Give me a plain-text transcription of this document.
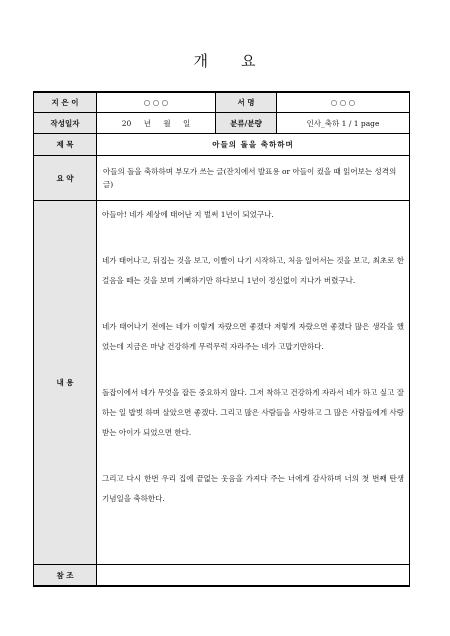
개 요
지 은 이	○ ○ ○	서 명	○ ○ ○
작성일자	20 년 월 일	분류/분량	인사_축하 1 / 1 page
제 목	아들의 돌을 축하하며		
요 약	아들의 돌을 축하하며 부모가 쓰는 글(잔치에서 발표용 or 아들이 컸을 때 읽어보는 성격의 글)		
내 용	아들아! 네가 세상에 태어난 지 벌써 1년이 되었구나.

네가 태어나고, 뒤집는 것을 보고, 이빨이 나기 시작하고, 처음 일어서는 것을 보고, 최초로 한 걸음을 떼는 것을 보며 기뻐하기만 하다보니 1년이 정신없이 지나가 버렸구나.

네가 태어나기 전에는 네가 이렇게 자랐으면 좋겠다 저렇게 자랐으면 좋겠다 많은 생각을 했었는데 지금은 마냥 건강하게 무럭무럭 자라주는 네가 고맙기만하다.

돌잡이에서 네가 무엇을 잡든 중요하지 않다. 그저 착하고 건강하게 자라서 네가 하고 싶고 잘 하는 일 밥벗 하며 살았으면 좋겠다. 그리고 많은 사람들을 사랑하고 그 많은 사람들에게 사랑 받는 아이가 되었으면 한다.

그리고 다시 한번 우리 집에 끝없는 웃음을 가져다 주는 너에게 감사하며 너의 첫 번째 탄생 기념일을 축하한다.		

참 조			
